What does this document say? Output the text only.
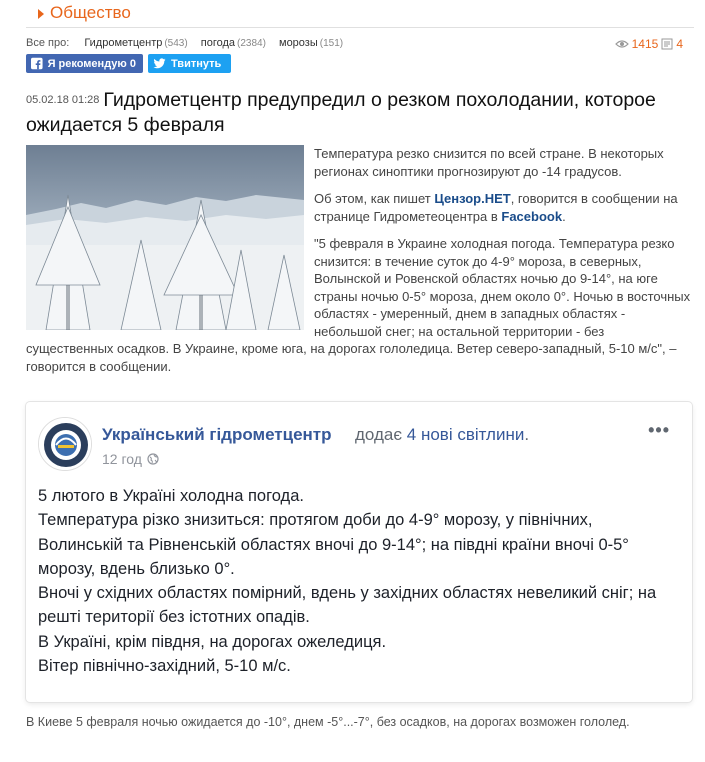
Общество
Все про: Гидрометцентр (543) погода (2384) морозы (151)	1415 4
Я рекомендую 0	Твитнуть
05.02.18 01:28 Гидрометцентр предупредил о резком похолодании, которое ожидается 5 февраля

Температура резко снизится по всей стране. В некоторых регионах синоптики прогнозируют до -14 градусов.

Об этом, как пишет Цензор.НЕТ, говорится в сообщении на странице Гидрометеоцентра в Facebook.

"5 февраля в Украине холодная погода. Температура резко снизится: в течение суток до 4-9° мороза, в северных, Волынской и Ровенской областях ночью до 9-14°, на юге страны ночью 0-5° мороза, днем около 0°. Ночью в восточных областях - умеренный, днем в западных областях - небольшой снег; на остальной территории - без существенных осадков. В Украине, кроме юга, на дорогах гололедица. Ветер северо-западный, 5-10 м/с", – говорится в сообщении.

Український гідрометцентр додає 4 нові світлини.
12 год
•••
5 лютого в Україні холодна погода.
Температура різко знизиться: протягом доби до 4-9° морозу, у північних, Волинській та Рівненській областях вночі до 9-14°; на півдні країни вночі 0-5° морозу, вдень близько 0°.
Вночі у східних областях помірний, вдень у західних областях невеликий сніг; на решті території без істотних опадів.
В Україні, крім півдня, на дорогах ожеледиця.
Вітер північно-західний, 5-10 м/с.
В Киеве 5 февраля ночью ожидается до -10°, днем -5°...-7°, без осадков, на дорогах возможен гололед.
